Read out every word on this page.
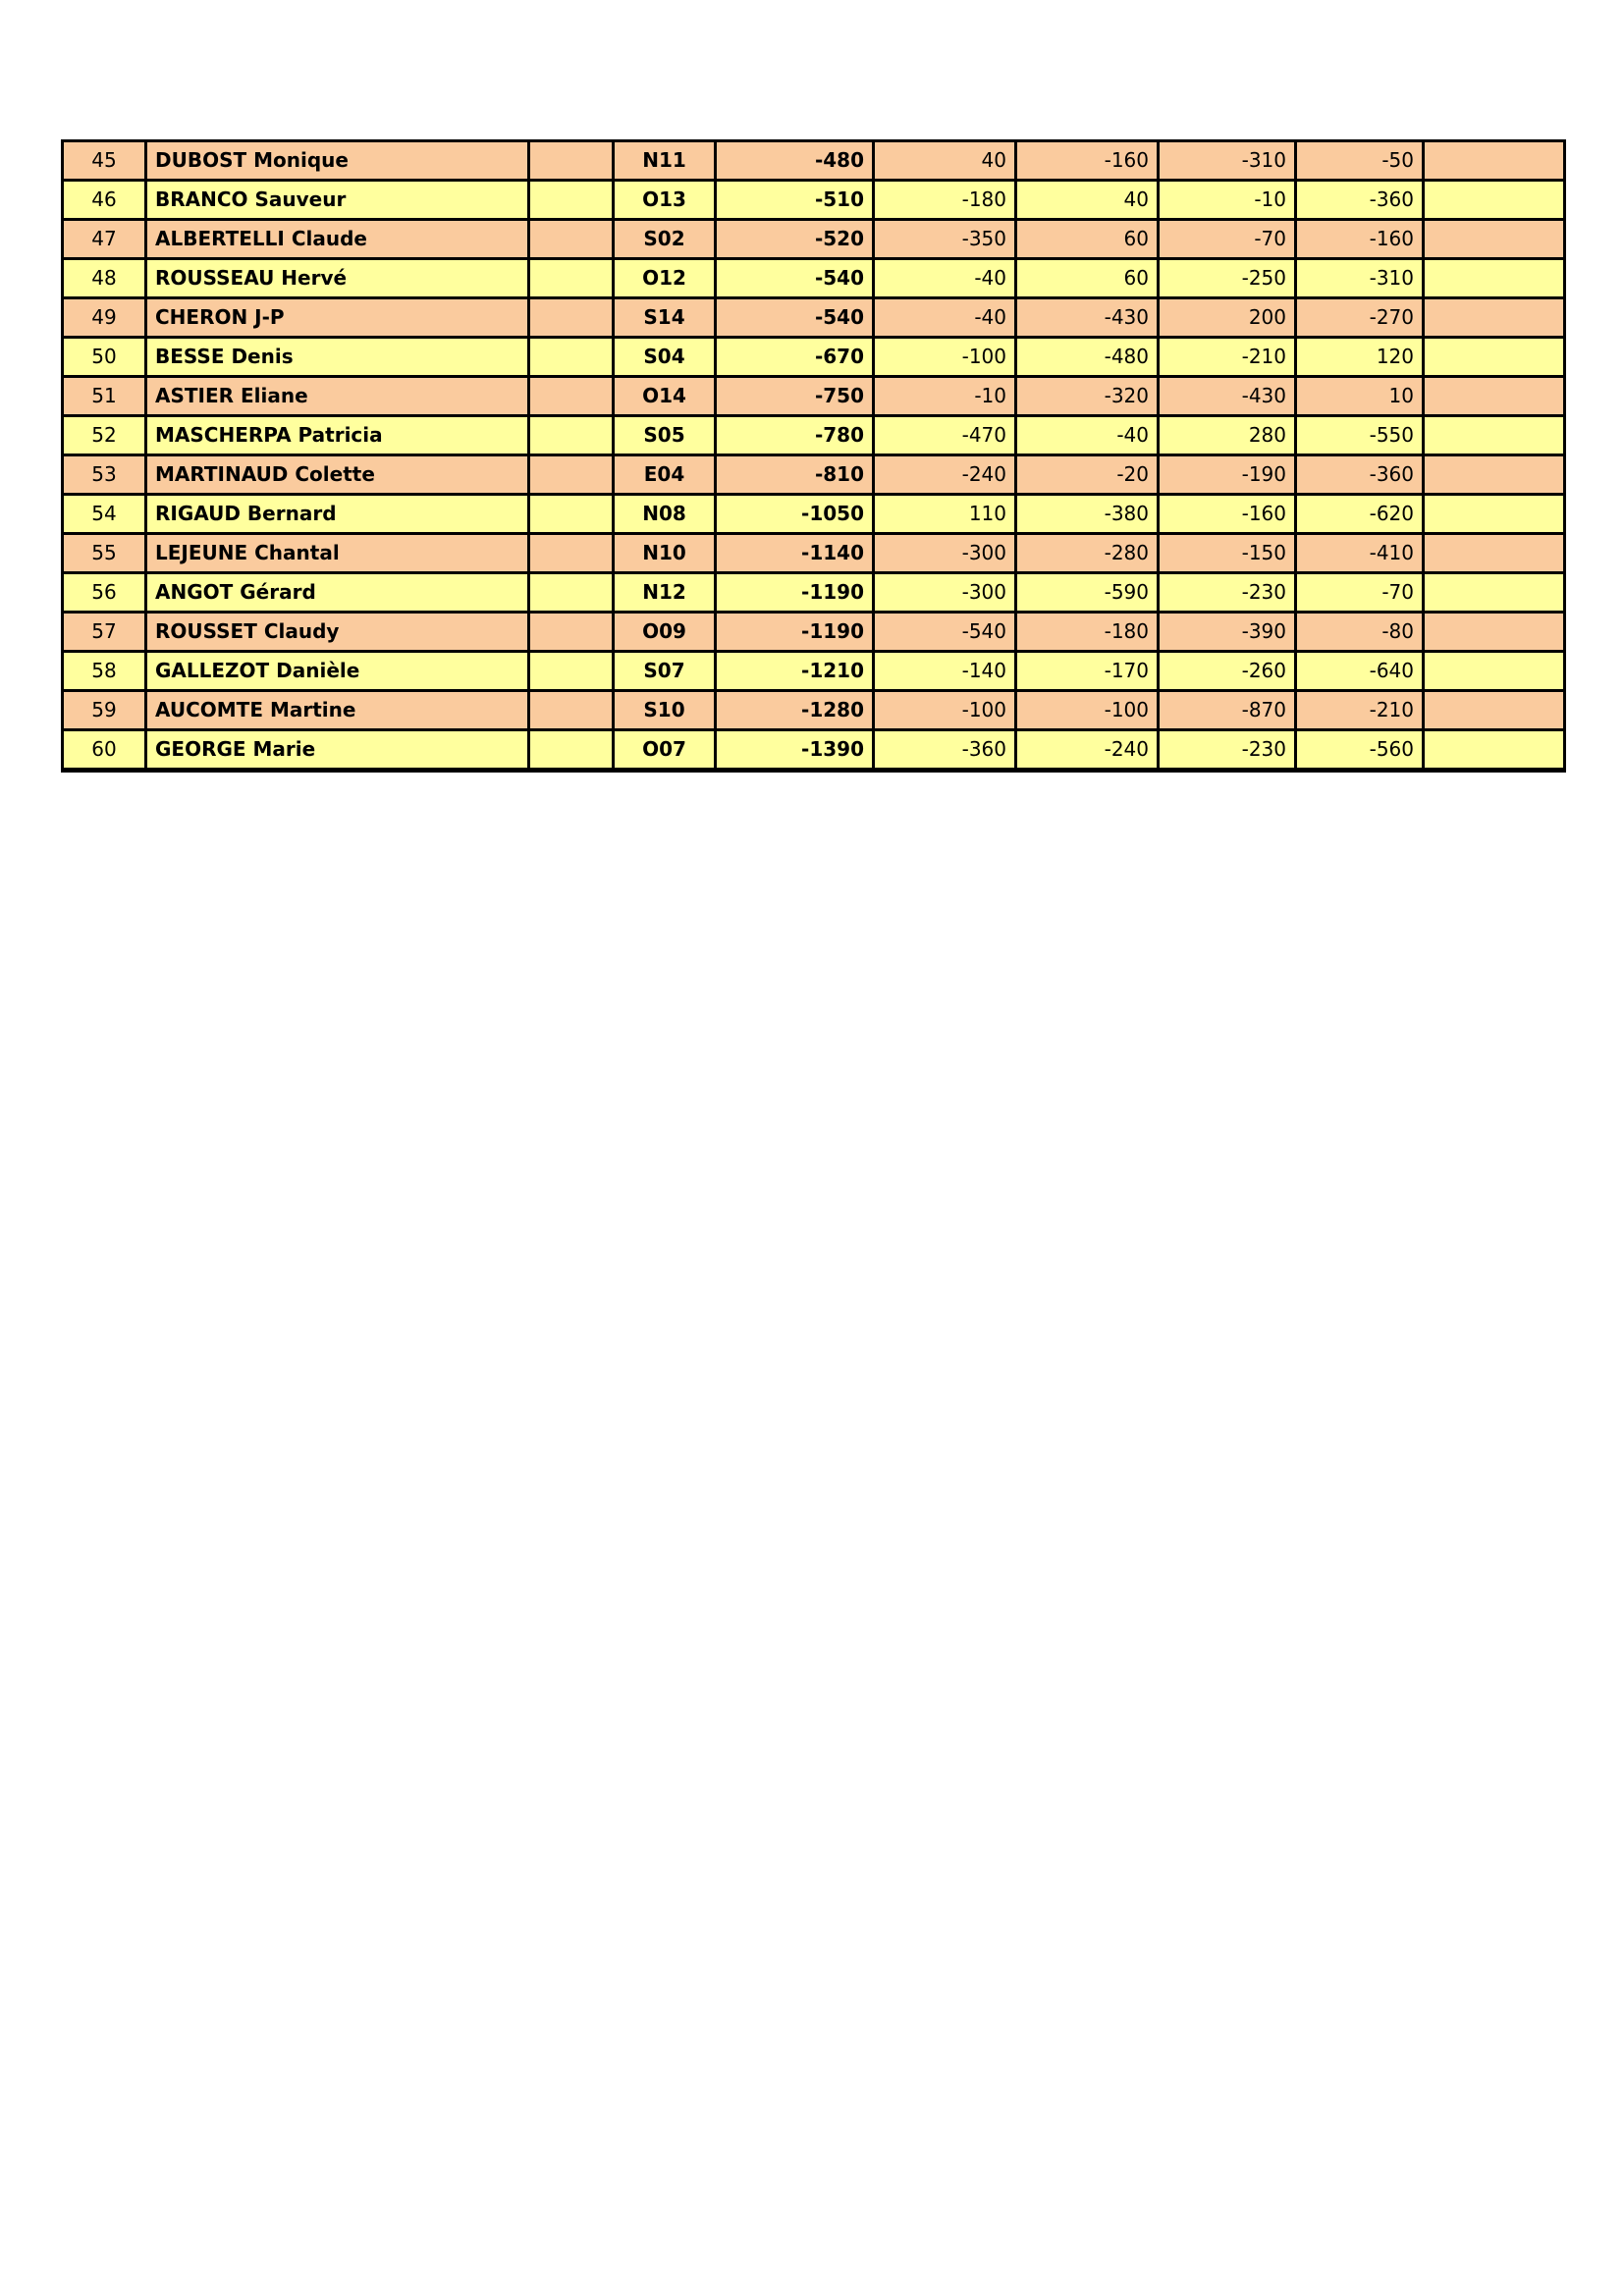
45	DUBOST Monique		N11	-480	40	-160	-310	-50	
46	BRANCO Sauveur		O13	-510	-180	40	-10	-360	
47	ALBERTELLI Claude		S02	-520	-350	60	-70	-160	
48	ROUSSEAU Hervé		O12	-540	-40	60	-250	-310	
49	CHERON J-P		S14	-540	-40	-430	200	-270	
50	BESSE Denis		S04	-670	-100	-480	-210	120	
51	ASTIER Eliane		O14	-750	-10	-320	-430	10	
52	MASCHERPA Patricia		S05	-780	-470	-40	280	-550	
53	MARTINAUD Colette		E04	-810	-240	-20	-190	-360	
54	RIGAUD Bernard		N08	-1050	110	-380	-160	-620	
55	LEJEUNE Chantal		N10	-1140	-300	-280	-150	-410	
56	ANGOT Gérard		N12	-1190	-300	-590	-230	-70	
57	ROUSSET Claudy		O09	-1190	-540	-180	-390	-80	
58	GALLEZOT Danièle		S07	-1210	-140	-170	-260	-640	
59	AUCOMTE Martine		S10	-1280	-100	-100	-870	-210	
60	GEORGE Marie		O07	-1390	-360	-240	-230	-560	
